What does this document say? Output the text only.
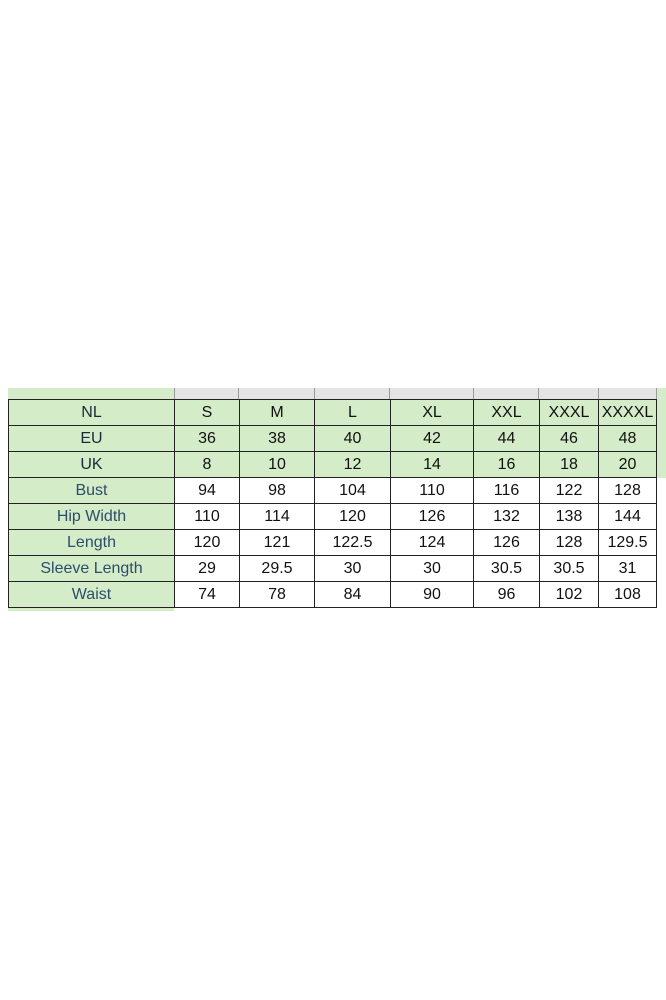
NL	S	M	L	XL	XXL	XXXL	XXXXL
EU	36	38	40	42	44	46	48
UK	8	10	12	14	16	18	20
Bust	94	98	104	110	116	122	128
Hip Width	110	114	120	126	132	138	144
Length	120	121	122.5	124	126	128	129.5
Sleeve Length	29	29.5	30	30	30.5	30.5	31
Waist	74	78	84	90	96	102	108
